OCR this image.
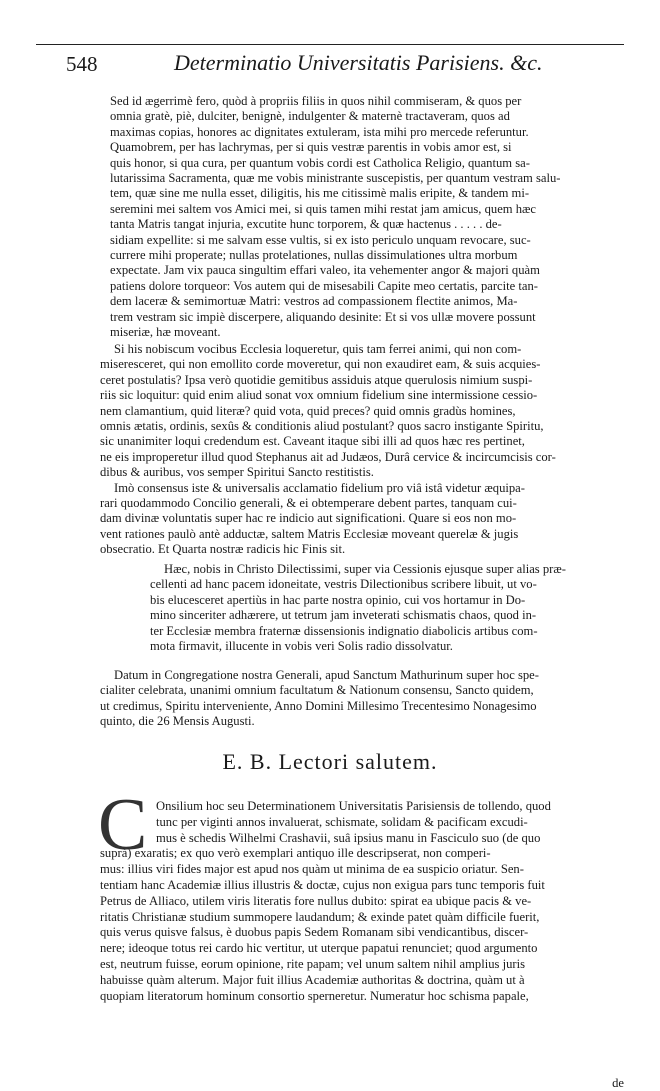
548	Determinatio Universitatis Parisiens. &c.
‘ Sed id ægerrimè fero, quòd à propriis filiis in quos nihil commiseram, & quos per
‘ omnia gratè, piè, dulciter, benignè, indulgenter & maternè tractaveram, quos ad
‘ maximas copias, honores ac dignitates extuleram, ista mihi pro mercede referuntur.
‘ Quamobrem, per has lachrymas, per si quis vestræ parentis in vobis amor est, si
‘ quis honor, si qua cura, per quantum vobis cordi est Catholica Religio, quantum sa-
‘ lutarissima Sacramenta, quæ me vobis ministrante suscepistis, per quantum vestram salu-
‘ tem, quæ sine me nulla esset, diligitis, his me citissimè malis eripite, & tandem mi-
‘ seremini mei saltem vos Amici mei, si quis tamen mihi restat jam amicus, quem hæc
‘ tanta Matris tangat injuria, excutite hunc torporem, & quæ hactenus . . . . . de-
‘ sidiam expellite: si me salvam esse vultis, si ex isto periculo unquam revocare, suc-
‘ currere mihi properate; nullas protelationes, nullas dissimulationes ultra morbum
‘ expectate. Jam vix pauca singultim effari valeo, ita vehementer angor & majori quàm
‘ patiens dolore torqueor: Vos autem qui de misesabili Capite meo certatis, parcite tan-
‘ dem laceræ & semimortuæ Matri: vestros ad compassionem flectite animos, Ma-
‘ trem vestram sic impiè discerpere, aliquando desinite: Et si vos ullæ movere possunt
‘ miseriæ, hæ moveant.
Si his nobiscum vocibus Ecclesia loqueretur, quis tam ferrei animi, qui non com-
miseresceret, qui non emollito corde moveretur, qui non exaudiret eam, & suis acquies-
ceret postulatis? Ipsa verò quotidie gemitibus assiduis atque querulosis nimium suspi-
riis sic loquitur: quid enim aliud sonat vox omnium fidelium sine intermissione cessio-
nem clamantium, quid literæ? quid vota, quid preces? quid omnis gradùs homines,
omnis ætatis, ordinis, sexûs & conditionis aliud postulant? quos sacro instigante Spiritu,
sic unanimiter loqui credendum est. Caveant itaque sibi illi ad quos hæc res pertinet,
ne eis improperetur illud quod Stephanus ait ad Judæos, Durâ cervice & incircumcisis cor-
dibus & auribus, vos semper Spiritui Sancto restitistis.
Imò consensus iste & universalis acclamatio fidelium pro viâ istâ videtur æquipa-
rari quodammodo Concilio generali, & ei obtemperare debent partes, tanquam cui-
dam divinæ voluntatis super hac re indicio aut significationi. Quare si eos non mo-
vent rationes paulò antè adductæ, saltem Matris Ecclesiæ moveant querelæ & jugis
obsecratio. Et Quarta nostræ radicis hic Finis sit.
Hæc, nobis in Christo Dilectissimi, super via Cessionis ejusque super alias præ-
cellenti ad hanc pacem idoneitate, vestris Dilectionibus scribere libuit, ut vo-
bis elucesceret apertiùs in hac parte nostra opinio, cui vos hortamur in Do-
mino sinceriter adhærere, ut tetrum jam inveterati schismatis chaos, quod in-
ter Ecclesiæ membra fraternæ dissensionis indignatio diabolicis artibus com-
mota firmavit, illucente in vobis veri Solis radio dissolvatur.
Datum in Congregatione nostra Generali, apud Sanctum Mathurinum super hoc spe-
cialiter celebrata, unanimi omnium facultatum & Nationum consensu, Sancto quidem,
ut credimus, Spiritu interveniente, Anno Domini Millesimo Trecentesimo Nonagesimo
quinto, die 26 Mensis Augusti.
E. B. Lectori salutem.
C Onsilium hoc seu Determinationem Universitatis Parisiensis de tollendo, quod
tunc per viginti annos invaluerat, schismate, solidam & pacificam excudi-
mus è schedis Wilhelmi Crashavii, suâ ipsius manu in Fasciculo suo (de quo
suprà) exaratis; ex quo verò exemplari antiquo ille descripserat, non comperi-
mus: illius viri fides major est apud nos quàm ut minima de ea suspicio oriatur. Sen-
tentiam hanc Academiæ illius illustris & doctæ, cujus non exigua pars tunc temporis fuit
Petrus de Alliaco, utilem viris literatis fore nullus dubito: spirat ea ubique pacis & ve-
ritatis Christianæ studium summopere laudandum; & exinde patet quàm difficile fuerit,
quis verus quisve falsus, è duobus papis Sedem Romanam sibi vendicantibus, discer-
nere; ideoque totus rei cardo hic vertitur, ut uterque papatui renunciet; quod argumento
est, neutrum fuisse, eorum opinione, rite papam; vel unum saltem nihil amplius juris
habuisse quàm alterum. Major fuit illius Academiæ authoritas & doctrina, quàm ut à
quopiam literatorum hominum consortio sperneretur. Numeratur hoc schisma papale,
de
